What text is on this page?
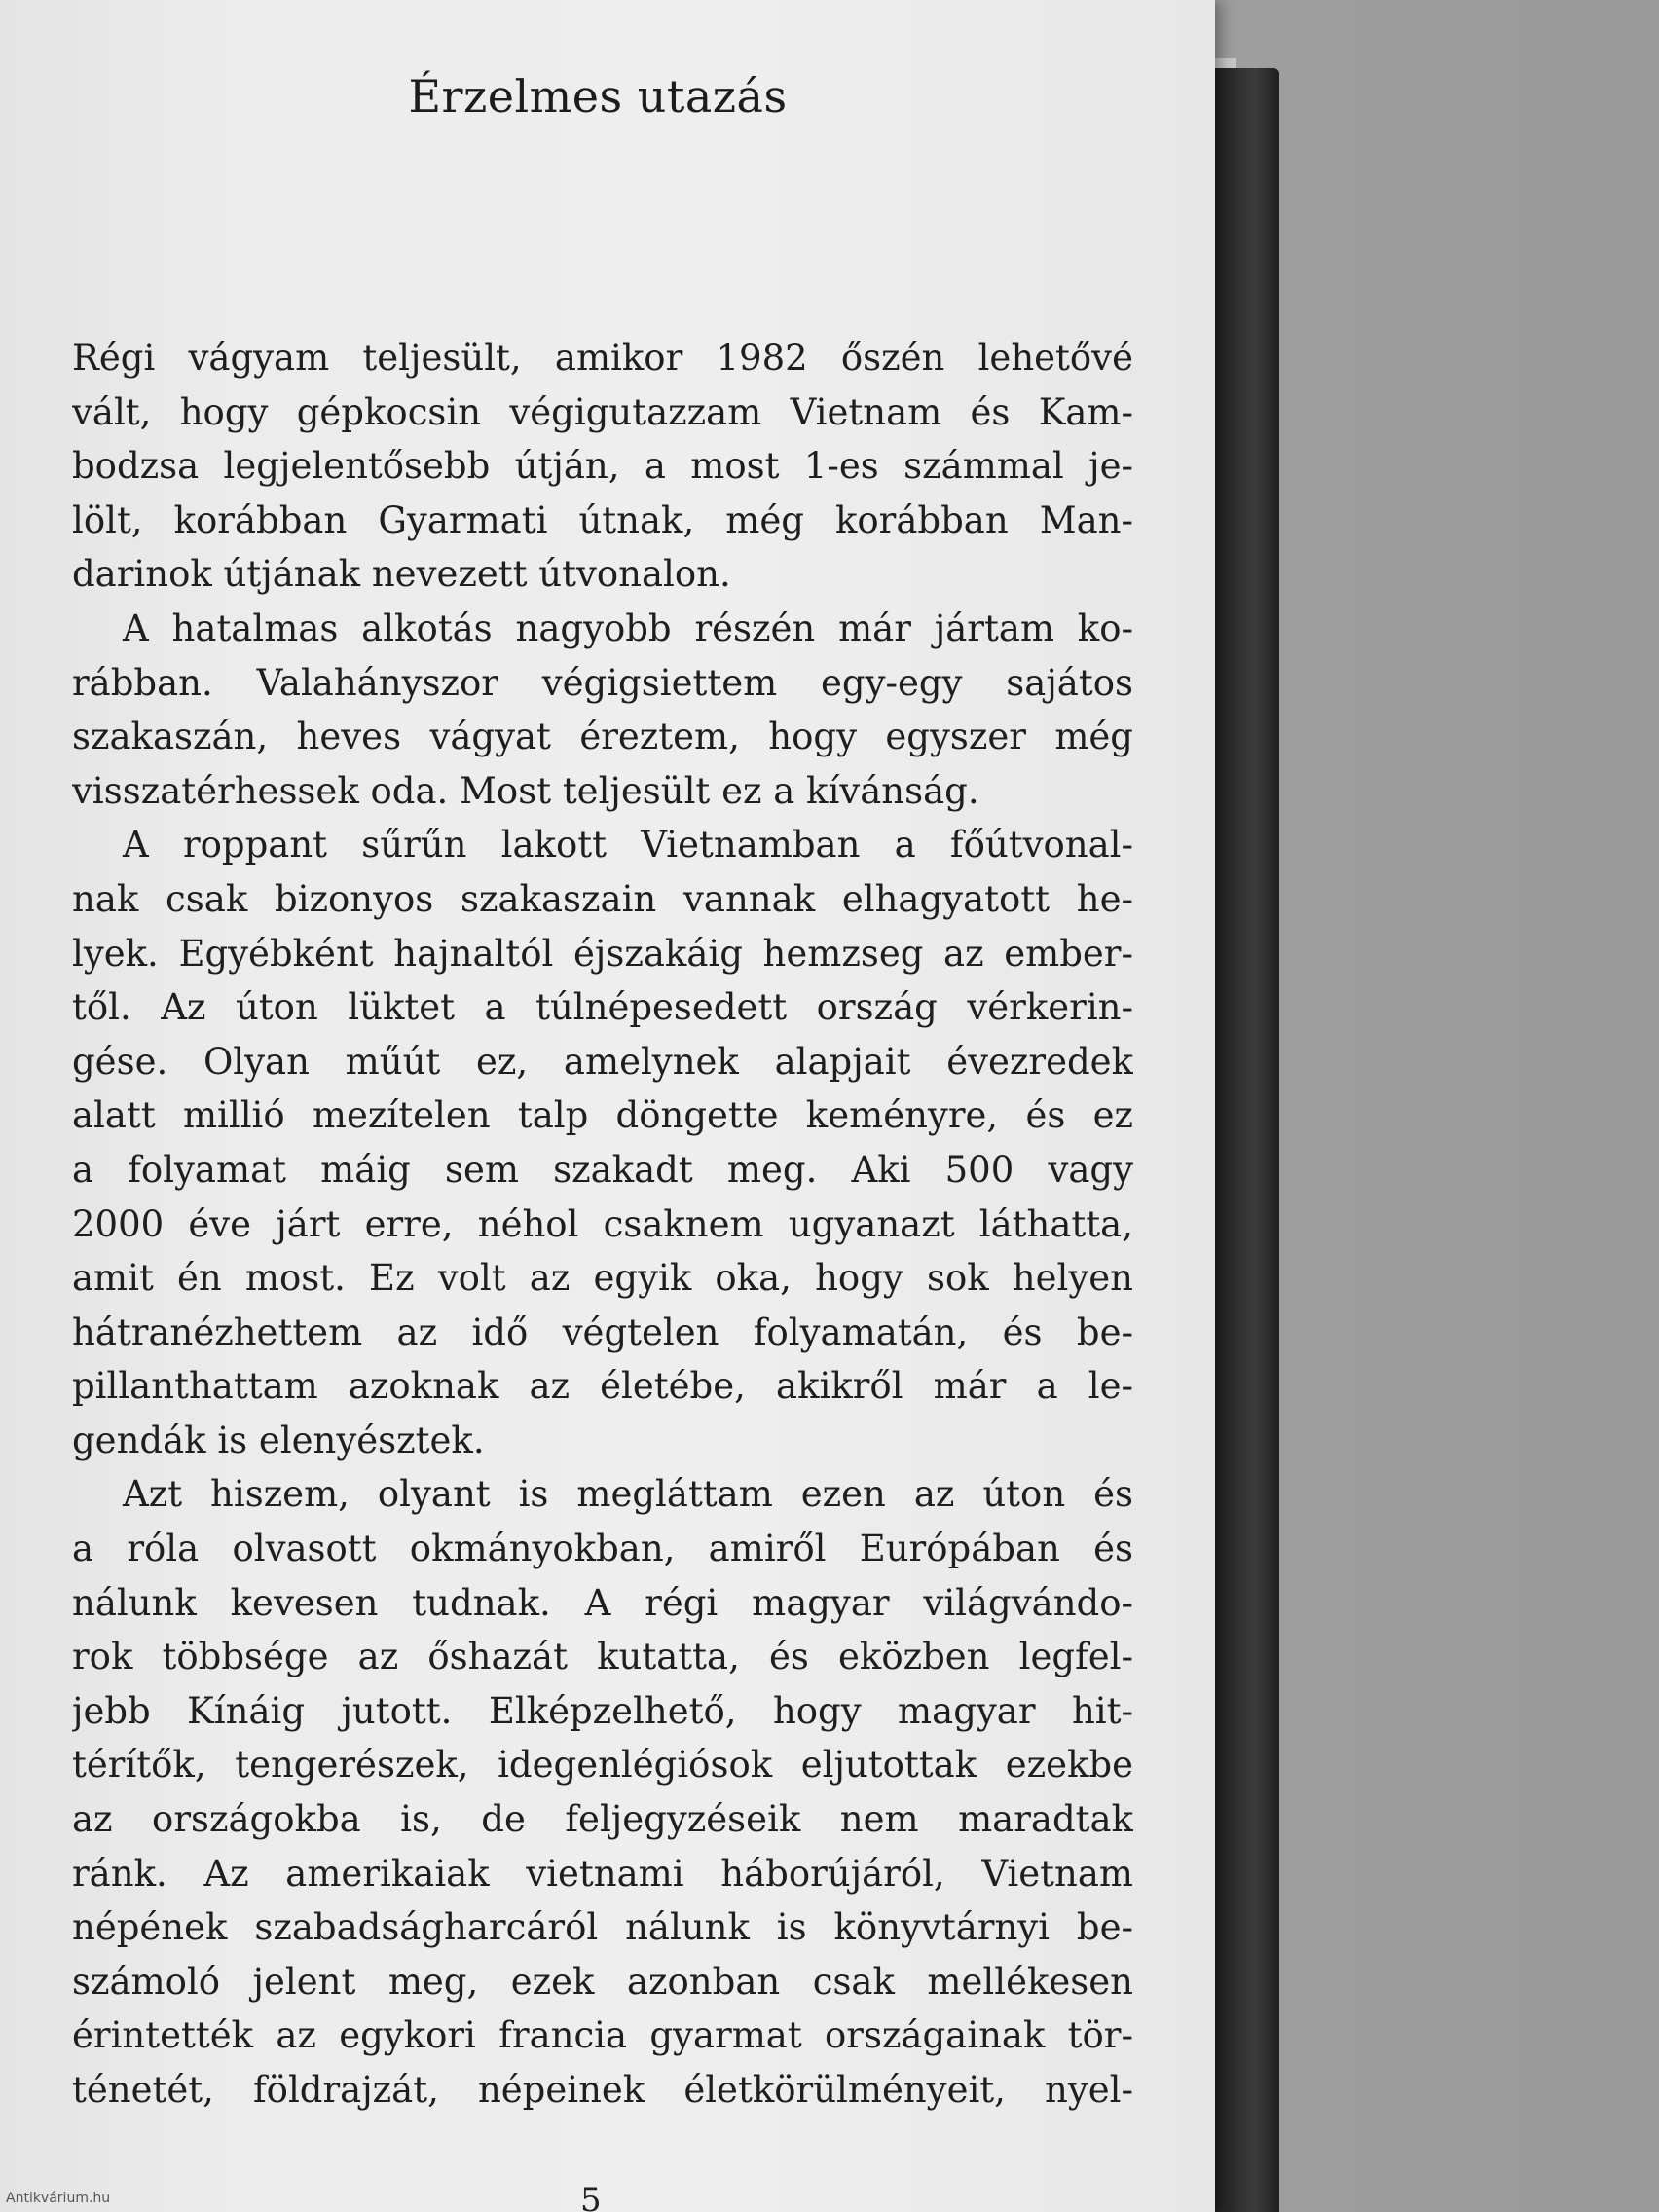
Érzelmes utazás
Régi vágyam teljesült, amikor 1982 őszén lehetővé
vált, hogy gépkocsin végigutazzam Vietnam és Kam-
bodzsa legjelentősebb útján, a most 1-es számmal je-
lölt, korábban Gyarmati útnak, még korábban Man-
darinok útjának nevezett útvonalon.
A hatalmas alkotás nagyobb részén már jártam ko-
rábban. Valahányszor végigsiettem egy-egy sajátos
szakaszán, heves vágyat éreztem, hogy egyszer még
visszatérhessek oda. Most teljesült ez a kívánság.
A roppant sűrűn lakott Vietnamban a főútvonal-
nak csak bizonyos szakaszain vannak elhagyatott he-
lyek. Egyébként hajnaltól éjszakáig hemzseg az ember-
től. Az úton lüktet a túlnépesedett ország vérkerin-
gése. Olyan műút ez, amelynek alapjait évezredek
alatt millió mezítelen talp döngette keményre, és ez
a folyamat máig sem szakadt meg. Aki 500 vagy
2000 éve járt erre, néhol csaknem ugyanazt láthatta,
amit én most. Ez volt az egyik oka, hogy sok helyen
hátranézhettem az idő végtelen folyamatán, és be-
pillanthattam azoknak az életébe, akikről már a le-
gendák is elenyésztek.
Azt hiszem, olyant is megláttam ezen az úton és
a róla olvasott okmányokban, amiről Európában és
nálunk kevesen tudnak. A régi magyar világvándo-
rok többsége az őshazát kutatta, és eközben legfel-
jebb Kínáig jutott. Elképzelhető, hogy magyar hit-
térítők, tengerészek, idegenlégiósok eljutottak ezekbe
az országokba is, de feljegyzéseik nem maradtak
ránk. Az amerikaiak vietnami háborújáról, Vietnam
népének szabadságharcáról nálunk is könyvtárnyi be-
számoló jelent meg, ezek azonban csak mellékesen
érintették az egykori francia gyarmat országainak tör-
ténetét, földrajzát, népeinek életkörülményeit, nyel-
5
Antikvárium.hu
